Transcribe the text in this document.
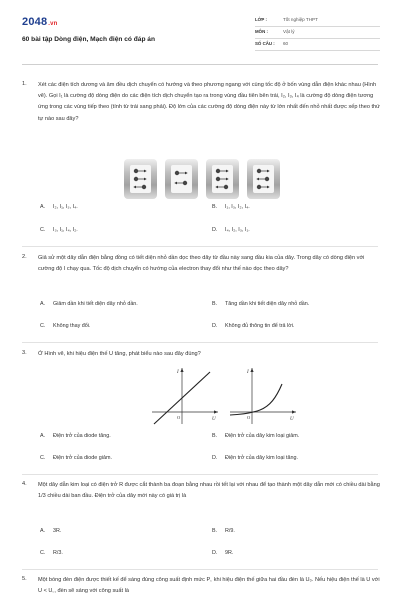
2048.vn
60 bài tập Dòng điện, Mạch điện có đáp án
LỚP :	Tốt nghiệp THPT
MÔN :	Vật lý
SỐ CÂU :	60
1. Xét các điện tích dương và âm đều dịch chuyển có hướng và theo phương ngang với cùng tốc độ ở bốn vùng dẫn điện khác nhau (Hình vẽ). Gọi I₁ là cường độ dòng điện do các điện tích dịch chuyển tạo ra trong vùng đầu tiên bên trái, I₂, I₃, I₄ là cường độ dòng điện tương ứng trong các vùng tiếp theo (tính từ trái sang phải). Độ lớn của các cường độ dòng điện này từ lớn nhất đến nhỏ nhất được xếp theo thứ tự nào sau đây?
A. I₂, I₁, I₃, I₄.	B. I₁, I₃, I₂, I₄.
C. I₃, I₁, I₄, I₂.	D. I₄, I₂, I₃, I₁.
2. Giả sử một dây dẫn điện bằng đồng có tiết diện nhỏ dần dọc theo dây từ đầu này sang đầu kia của dây. Trong dây có dòng điện với cường độ I chạy qua. Tốc độ dịch chuyển có hướng của electron thay đổi như thế nào dọc theo dây?
A. Giảm dần khi tiết diện dây nhỏ dần.	B. Tăng dần khi tiết diện dây nhỏ dần.
C. Không thay đổi.	D. Không đủ thông tin để trả lời.
3. Ở Hình vẽ, khi hiệu điện thế U tăng, phát biểu nào sau đây đúng?
I
U
O
I
U
O
A. Điện trở của diode tăng.	B. Điện trở của dây kim loại giảm.
C. Điện trở của diode giảm.	D. Điện trở của dây kim loại tăng.
4. Một dây dẫn kim loại có điện trở R được cắt thành ba đoạn bằng nhau rồi tết lại với nhau để tạo thành một dây dẫn mới có chiều dài bằng 1/3 chiều dài ban đầu. Điện trở của dây mới này có giá trị là
A. 3R.	B. R/9.
C. R/3.	D. 9R.
5. Một bóng đèn điện được thiết kế để sáng đúng công suất định mức P꜀ khi hiệu điện thế giữa hai đầu đèn là U₀. Nếu hiệu điện thế là U với U < U꜀, đèn sẽ sáng với công suất là
